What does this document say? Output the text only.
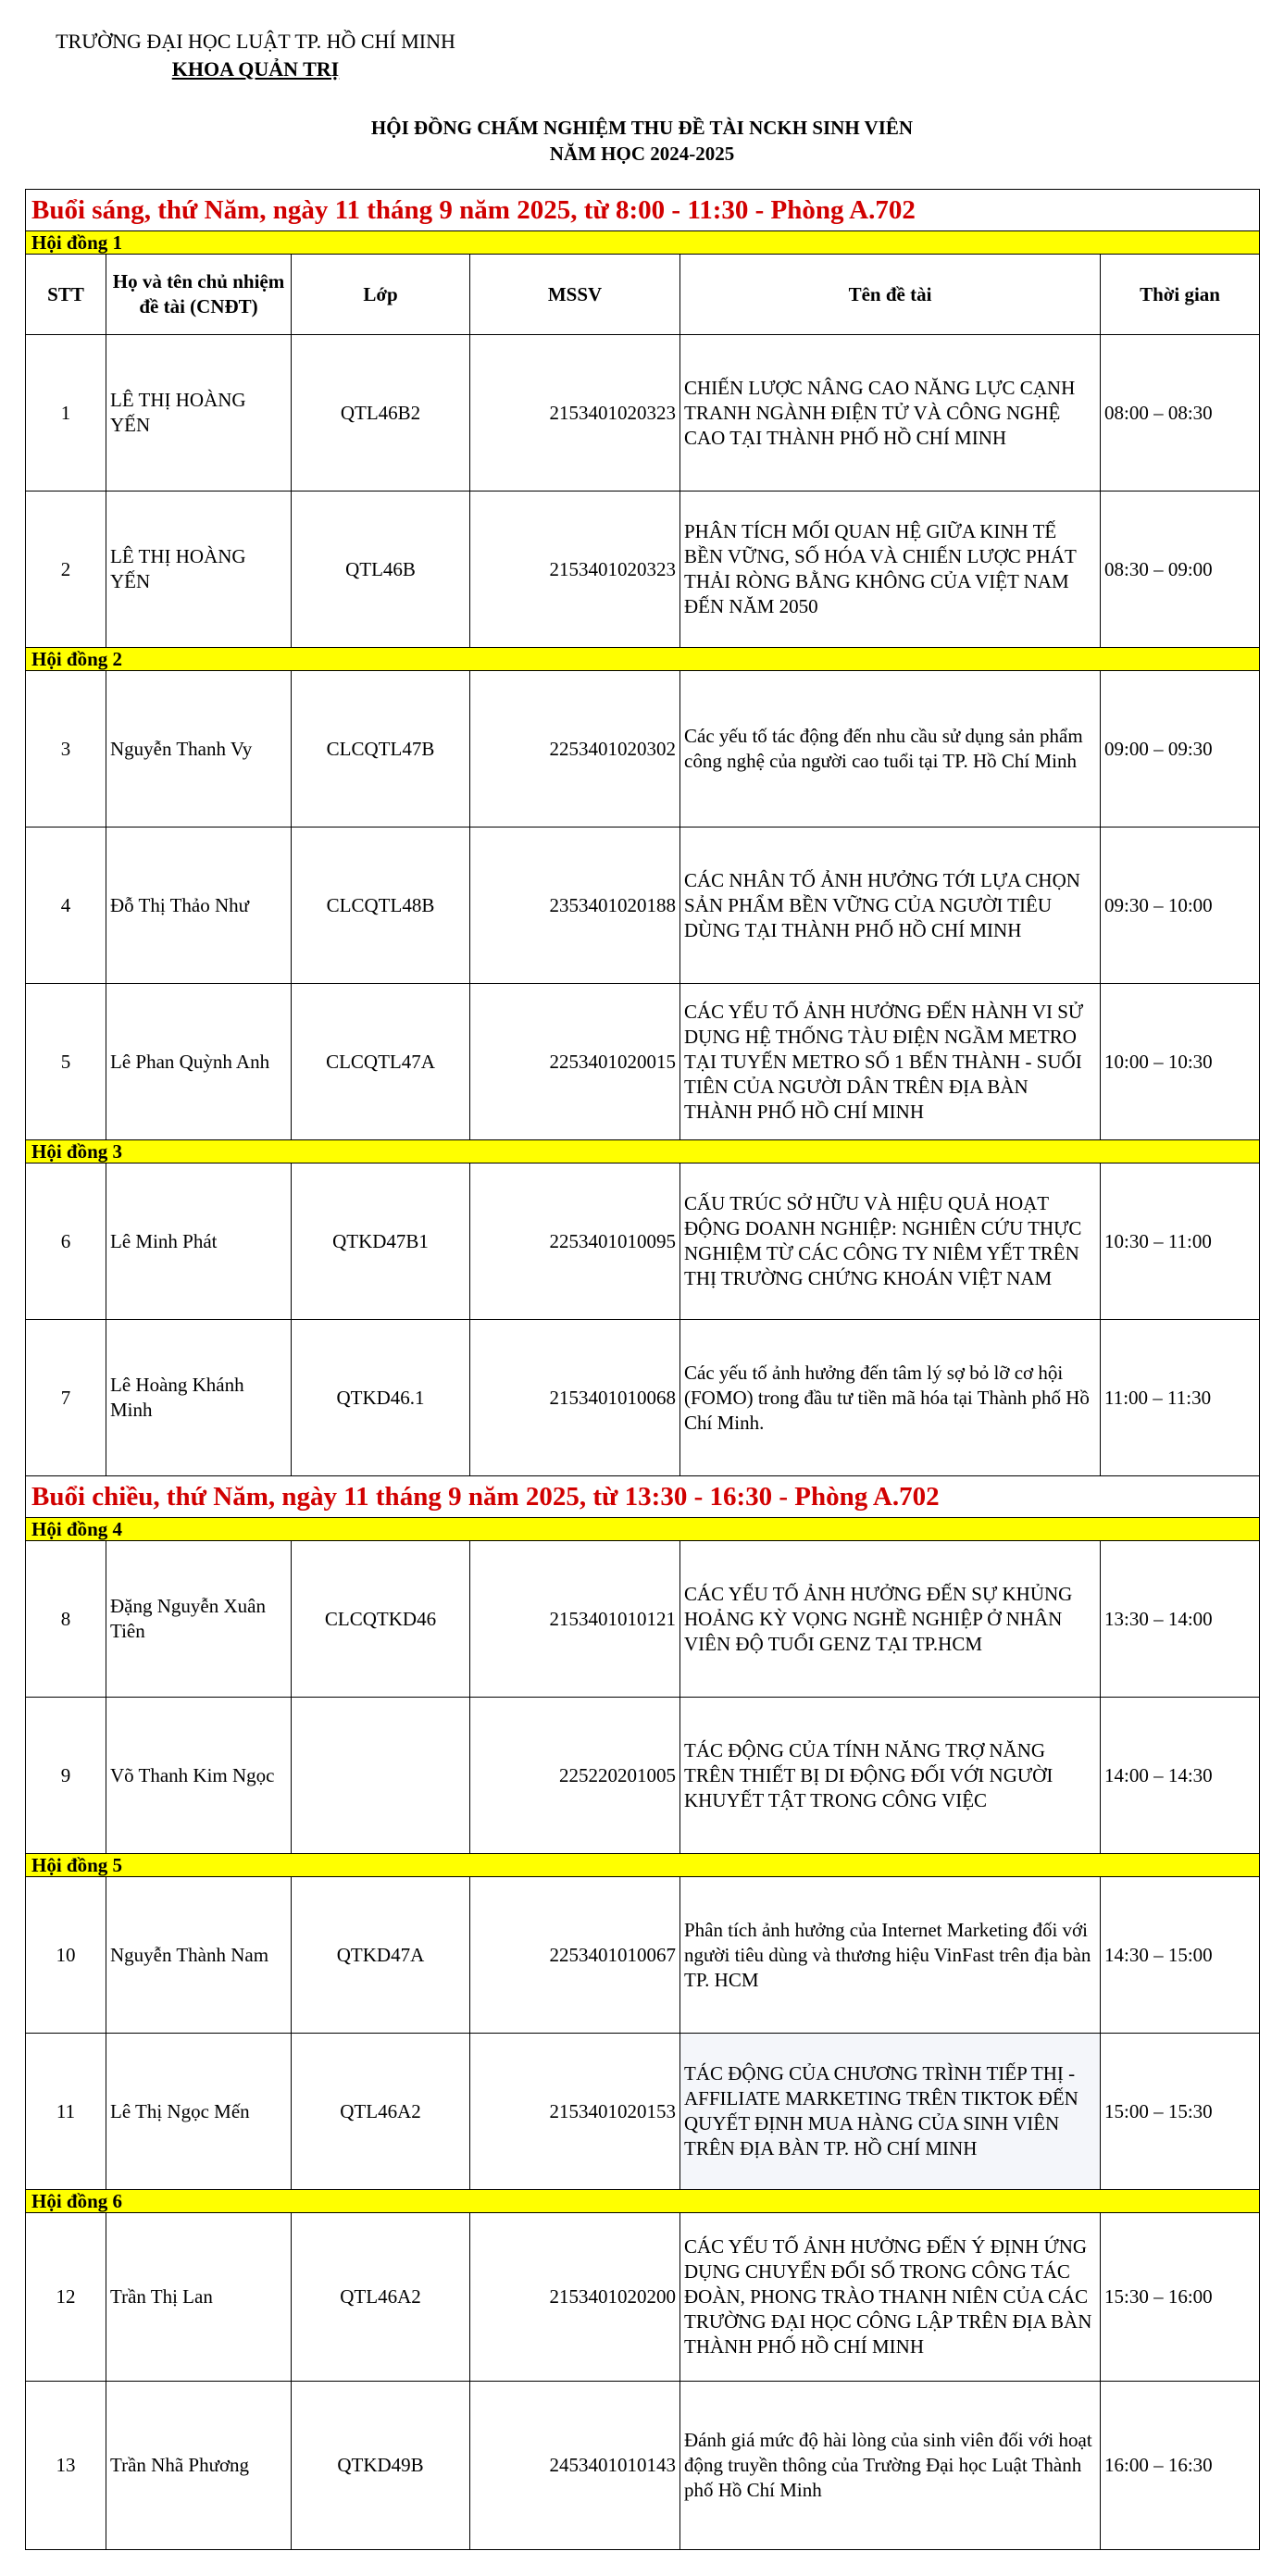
TRƯỜNG ĐẠI HỌC LUẬT TP. HỒ CHÍ MINH
KHOA QUẢN TRỊ
HỘI ĐỒNG CHẤM NGHIỆM THU ĐỀ TÀI NCKH SINH VIÊN
NĂM HỌC 2024-2025
Buổi sáng, thứ Năm, ngày 11 tháng 9 năm 2025, từ 8:00 - 11:30 - Phòng A.702					
Hội đồng 1					
STT	Họ và tên chủ nhiệm đề tài (CNĐT)	Lớp	MSSV	Tên đề tài	Thời gian
1	LÊ THỊ HOÀNG YẾN	QTL46B2	2153401020323	CHIẾN LƯỢC NÂNG CAO NĂNG LỰC CẠNH TRANH NGÀNH ĐIỆN TỬ VÀ CÔNG NGHỆ CAO TẠI THÀNH PHỐ HỒ CHÍ MINH	08:00 – 08:30
2	LÊ THỊ HOÀNG YẾN	QTL46B	2153401020323	PHÂN TÍCH MỐI QUAN HỆ GIỮA KINH TẾ BỀN VỮNG, SỐ HÓA VÀ CHIẾN LƯỢC PHÁT THẢI RÒNG BẰNG KHÔNG CỦA VIỆT NAM ĐẾN NĂM 2050	08:30 – 09:00
Hội đồng 2					
3	Nguyễn Thanh Vy	CLCQTL47B	2253401020302	Các yếu tố tác động đến nhu cầu sử dụng sản phẩm công nghệ của người cao tuổi tại TP. Hồ Chí Minh	09:00 – 09:30
4	Đỗ Thị Thảo Như	CLCQTL48B	2353401020188	CÁC NHÂN TỐ ẢNH HƯỞNG TỚI LỰA CHỌN SẢN PHẨM BỀN VỮNG CỦA NGƯỜI TIÊU DÙNG TẠI THÀNH PHỐ HỒ CHÍ MINH	09:30 – 10:00
5	Lê Phan Quỳnh Anh	CLCQTL47A	2253401020015	CÁC YẾU TỐ ẢNH HƯỞNG ĐẾN HÀNH VI SỬ DỤNG HỆ THỐNG TÀU ĐIỆN NGẦM METRO TẠI TUYẾN METRO SỐ 1 BẾN THÀNH - SUỐI TIÊN CỦA NGƯỜI DÂN TRÊN ĐỊA BÀN THÀNH PHỐ HỒ CHÍ MINH	10:00 – 10:30
Hội đồng 3					
6	Lê Minh Phát	QTKD47B1	2253401010095	CẤU TRÚC SỞ HỮU VÀ HIỆU QUẢ HOẠT ĐỘNG DOANH NGHIỆP: NGHIÊN CỨU THỰC NGHIỆM TỪ CÁC CÔNG TY NIÊM YẾT TRÊN THỊ TRƯỜNG CHỨNG KHOÁN VIỆT NAM	10:30 – 11:00
7	Lê Hoàng Khánh Minh	QTKD46.1	2153401010068	Các yếu tố ảnh hưởng đến tâm lý sợ bỏ lỡ cơ hội (FOMO) trong đầu tư tiền mã hóa tại Thành phố Hồ Chí Minh.	11:00 – 11:30
Buổi chiều, thứ Năm, ngày 11 tháng 9 năm 2025, từ 13:30 - 16:30 - Phòng A.702					
Hội đồng 4					
8	Đặng Nguyễn Xuân Tiên	CLCQTKD46	2153401010121	CÁC YẾU TỐ ẢNH HƯỞNG ĐẾN SỰ KHỦNG HOẢNG KỲ VỌNG NGHỀ NGHIỆP Ở NHÂN VIÊN ĐỘ TUỔI GENZ TẠI TP.HCM	13:30 – 14:00
9	Võ Thanh Kim Ngọc		225220201005	TÁC ĐỘNG CỦA TÍNH NĂNG TRỢ NĂNG TRÊN THIẾT BỊ DI ĐỘNG ĐỐI VỚI NGƯỜI KHUYẾT TẬT TRONG CÔNG VIỆC	14:00 – 14:30
Hội đồng 5					
10	Nguyễn Thành Nam	QTKD47A	2253401010067	Phân tích ảnh hưởng của Internet Marketing đối với người tiêu dùng và thương hiệu VinFast trên địa bàn TP. HCM	14:30 – 15:00
11	Lê Thị Ngọc Mến	QTL46A2	2153401020153	TÁC ĐỘNG CỦA CHƯƠNG TRÌNH TIẾP THỊ - AFFILIATE MARKETING TRÊN TIKTOK ĐẾN QUYẾT ĐỊNH MUA HÀNG CỦA SINH VIÊN TRÊN ĐỊA BÀN TP. HỒ CHÍ MINH	15:00 – 15:30
Hội đồng 6					
12	Trần Thị Lan	QTL46A2	2153401020200	CÁC YẾU TỐ ẢNH HƯỞNG ĐẾN Ý ĐỊNH ỨNG DỤNG CHUYỂN ĐỔI SỐ TRONG CÔNG TÁC ĐOÀN, PHONG TRÀO THANH NIÊN CỦA CÁC TRƯỜNG ĐẠI HỌC CÔNG LẬP TRÊN ĐỊA BÀN THÀNH PHỐ HỒ CHÍ MINH	15:30 – 16:00
13	Trần Nhã Phương	QTKD49B	2453401010143	Đánh giá mức độ hài lòng của sinh viên đối với hoạt động truyền thông của Trường Đại học Luật Thành phố Hồ Chí Minh	16:00 – 16:30
